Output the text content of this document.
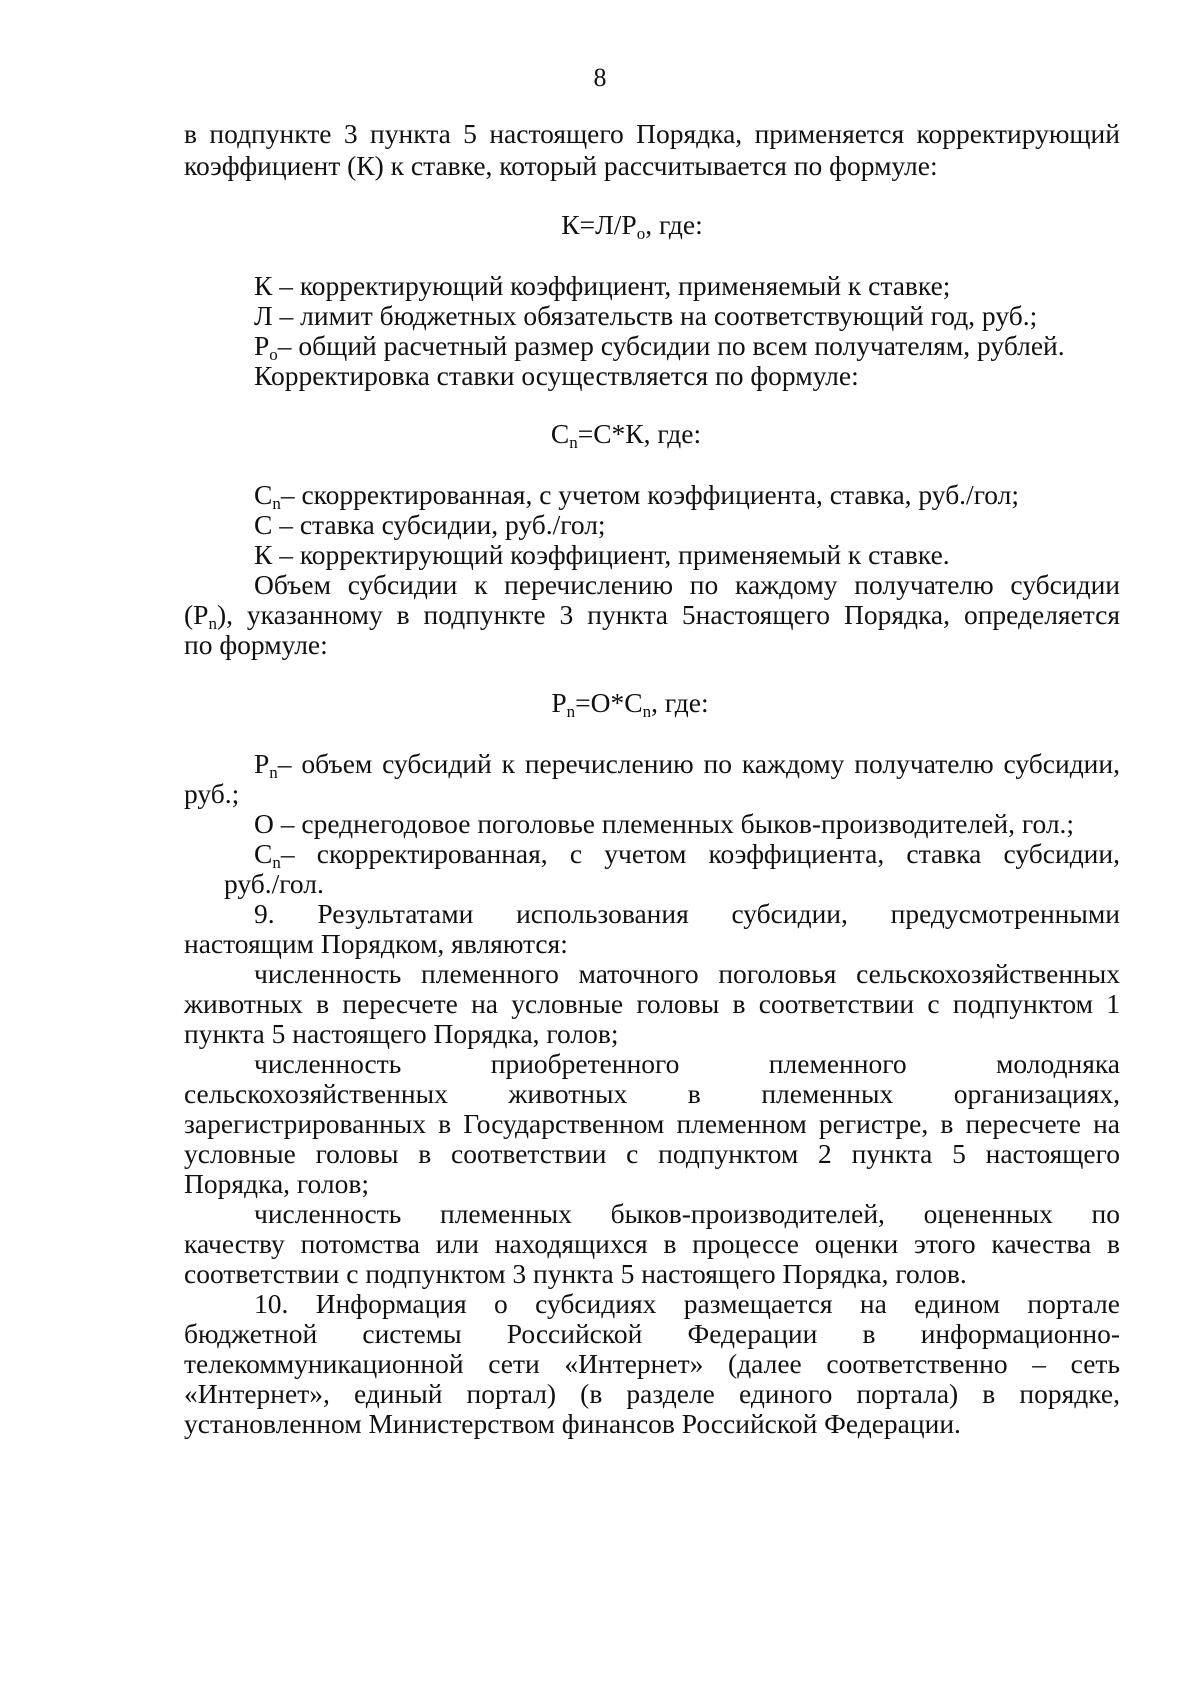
8
в подпункте 3 пункта 5 настоящего Порядка, применяется корректирующий
коэффициент (К) к ставке, который рассчитывается по формуле:
$К=Л/Р_о$, где:
К – корректирующий коэффициент, применяемый к ставке;
Л – лимит бюджетных обязательств на соответствующий год, руб.;
$Р_о-$ общий расчетный размер субсидии по всем получателям, рублей.
Корректировка ставки осуществляется по формуле:
$С_n=С*К$, где:
$С_n-$ скорректированная, с учетом коэффициента, ставка, руб./гол;
С – ставка субсидии, руб./гол;
К – корректирующий коэффициент, применяемый к ставке.
Объем субсидии к перечислению по каждому получателю субсидии
$(Р_n)$, указанному в подпункте 3 пункта 5настоящего Порядка, определяется
по формуле:
$Р_n=О*С_n$, где:
$Р_n-$ объем субсидий к перечислению по каждому получателю субсидии,
руб.;
О – среднегодовое поголовье племенных быков-производителей, гол.;
$С_n-$ скорректированная, с учетом коэффициента, ставка субсидии,
руб./гол.
9. Результатами использования субсидии, предусмотренными
настоящим Порядком, являются:
численность племенного маточного поголовья сельскохозяйственных
животных в пересчете на условные головы в соответствии с подпунктом 1
пункта 5 настоящего Порядка, голов;
численность приобретенного племенного молодняка
сельскохозяйственных животных в племенных организациях,
зарегистрированных в Государственном племенном регистре, в пересчете на
условные головы в соответствии с подпунктом 2 пункта 5 настоящего
Порядка, голов;
численность племенных быков-производителей, оцененных по
качеству потомства или находящихся в процессе оценки этого качества в
соответствии с подпунктом 3 пункта 5 настоящего Порядка, голов.
10. Информация о субсидиях размещается на едином портале
бюджетной системы Российской Федерации в информационно-
телекоммуникационной сети «Интернет» (далее соответственно – сеть
«Интернет», единый портал) (в разделе единого портала) в порядке,
установленном Министерством финансов Российской Федерации.
